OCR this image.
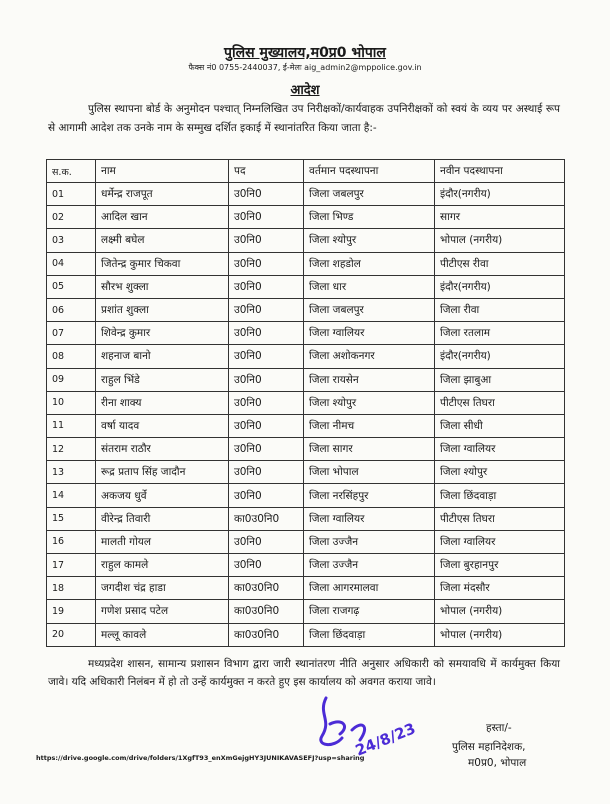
पुलिस मुख्यालय,म0प्र0 भोपाल
फैक्स नं0 0755-2440037, ई-मेलः aig_admin2@mppolice.gov.in
आदेश
पुलिस स्थापना बोर्ड के अनुमोदन पश्चात् निम्नलिखित उप निरीक्षकों/कार्यवाहक उपनिरीक्षकों को स्वयं के व्यय पर अस्थाई रूप से आगामी आदेश तक उनके नाम के सम्मुख दर्शित इकाई में स्थानांतरित किया जाता है:-
स.क.	नाम	पद	वर्तमान पदस्थापना	नवीन पदस्थापना
01	धर्मेन्द्र राजपूत	उ0नि0	जिला जबलपुर	इंदौर(नगरीय)
02	आदिल खान	उ0नि0	जिला भिण्ड	सागर
03	लक्ष्मी बघेल	उ0नि0	जिला श्योपुर	भोपाल (नगरीय)
04	जितेन्द्र कुमार चिकवा	उ0नि0	जिला शहडोल	पीटीएस रीवा
05	सौरभ शुक्ला	उ0नि0	जिला धार	इंदौर(नगरीय)
06	प्रशांत शुक्ला	उ0नि0	जिला जबलपुर	जिला रीवा
07	शिवेन्द्र कुमार	उ0नि0	जिला ग्वालियर	जिला रतलाम
08	शहनाज बानो	उ0नि0	जिला अशोकनगर	इंदौर(नगरीय)
09	राहुल भिंडे	उ0नि0	जिला रायसेन	जिला झाबुआ
10	रीना शाक्य	उ0नि0	जिला श्योपुर	पीटीएस तिघरा
11	वर्षा यादव	उ0नि0	जिला नीमच	जिला सीधी
12	संतराम राठौर	उ0नि0	जिला सागर	जिला ग्वालियर
13	रूद्र प्रताप सिंह जादौन	उ0नि0	जिला भोपाल	जिला श्योपुर
14	अकजय धुर्वे	उ0नि0	जिला नरसिंहपुर	जिला छिंदवाड़ा
15	वीरेन्द्र तिवारी	का0उ0नि0	जिला ग्वालियर	पीटीएस तिघरा
16	मालती गोयल	उ0नि0	जिला उज्जैन	जिला ग्वालियर
17	राहुल कामले	उ0नि0	जिला उज्जैन	जिला बुरहानपुर
18	जगदीश चंद्र हाडा	का0उ0नि0	जिला आगरमालवा	जिला मंदसौर
19	गणेश प्रसाद पटेल	का0उ0नि0	जिला राजगढ़	भोपाल (नगरीय)
20	मल्लू कावले	का0उ0नि0	जिला छिंदवाड़ा	भोपाल (नगरीय)
मध्यप्रदेश शासन, सामान्य प्रशासन विभाग द्वारा जारी स्थानांतरण नीति अनुसार अधिकारी को समयावधि में कार्यमुक्त किया जावे। यदि अधिकारी निलंबन में हो तो उन्हें कार्यमुक्त न करते हुए इस कार्यालय को अवगत कराया जावे।
24/8/23
https://drive.google.com/drive/folders/1XgfT93_enXmGejgHY3JUNIKAVASEFJ?usp=sharing
हस्ता/-
पुलिस महानिदेशक,
म0प्र0, भोपाल
